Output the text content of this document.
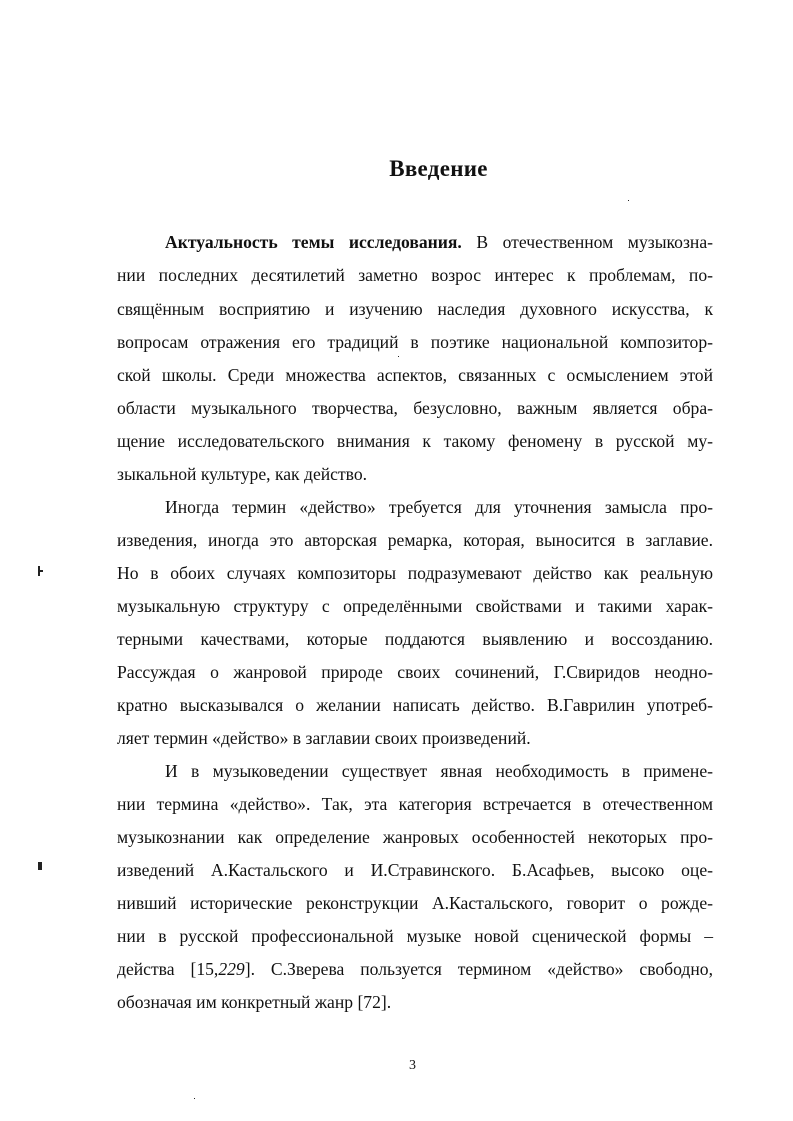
Введение
Актуальность темы исследования. В отечественном музыкозна-
нии последних десятилетий заметно возрос интерес к проблемам, по-
свящённым восприятию и изучению наследия духовного искусства, к
вопросам отражения его традиций в поэтике национальной композитор-
ской школы. Среди множества аспектов, связанных с осмыслением этой
области музыкального творчества, безусловно, важным является обра-
щение исследовательского внимания к такому феномену в русской му-
зыкальной культуре, как действо.
Иногда термин «действо» требуется для уточнения замысла про-
изведения, иногда это авторская ремарка, которая, выносится в заглавие.
Но в обоих случаях композиторы подразумевают действо как реальную
музыкальную структуру с определёнными свойствами и такими харак-
терными качествами, которые поддаются выявлению и воссозданию.
Рассуждая о жанровой природе своих сочинений, Г.Свиридов неодно-
кратно высказывался о желании написать действо. В.Гаврилин употреб-
ляет термин «действо» в заглавии своих произведений.
И в музыковедении существует явная необходимость в примене-
нии термина «действо». Так, эта категория встречается в отечественном
музыкознании как определение жанровых особенностей некоторых про-
изведений А.Кастальского и И.Стравинского. Б.Асафьев, высоко оце-
нивший исторические реконструкции А.Кастальского, говорит о рожде-
нии в русской профессиональной музыке новой сценической формы –
действа [15,229]. С.Зверева пользуется термином «действо» свободно,
обозначая им конкретный жанр [72].
3
